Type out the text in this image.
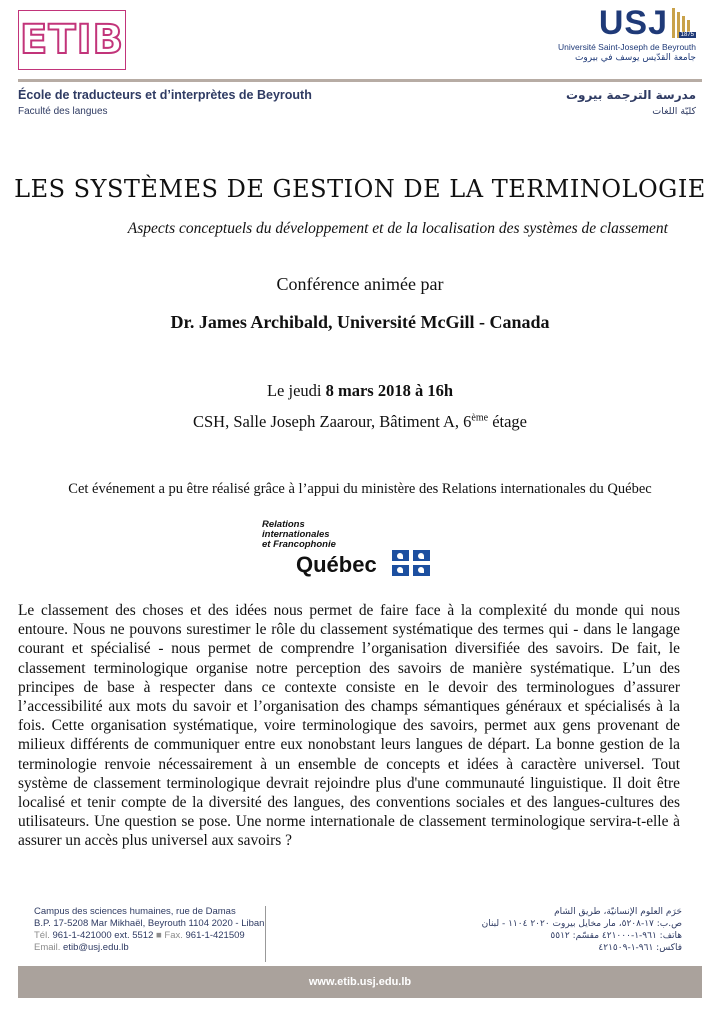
ETIB	USJ	1875
Université Saint-Joseph de Beyrouth
جامعة القدّيس يوسف في بيروت
École de traducteurs et d’interprètes de Beyrouth
Faculté des langues
مدرسة الترجمة بيروت
كليّة اللغات
LES SYSTÈMES DE GESTION DE LA TERMINOLOGIE
Aspects conceptuels du développement et de la localisation des systèmes de classement
Conférence animée par
Dr. James Archibald, Université McGill - Canada
Le jeudi 8 mars 2018 à 16h
CSH, Salle Joseph Zaarour, Bâtiment A, 6ème étage
Cet événement a pu être réalisé grâce à l’appui du ministère des Relations internationales du Québec
Relations
internationales
et Francophonie
Québec
Le classement des choses et des idées nous permet de faire face à la complexité du monde qui nous entoure. Nous ne pouvons surestimer le rôle du classement systématique des termes qui - dans le langage courant et spécialisé - nous permet de comprendre l’organisation diversifiée des savoirs. De fait, le classement terminologique organise notre perception des savoirs de manière systématique. L’un des principes de base à respecter dans ce contexte consiste en le devoir des terminologues d’assurer l’accessibilité aux mots du savoir et l’organisation des champs sémantiques généraux et spécialisés à la fois. Cette organisation systématique, voire terminologique des savoirs, permet aux gens provenant de milieux différents de communiquer entre eux nonobstant leurs langues de départ. La bonne gestion de la terminologie renvoie nécessairement à un ensemble de concepts et idées à caractère universel. Tout système de classement terminologique devrait rejoindre plus d'une communauté linguistique. Il doit être localisé et tenir compte de la diversité des langues, des conventions sociales et des langues-cultures des utilisateurs. Une question se pose. Une norme internationale de classement terminologique servira-t-elle à assurer un accès plus universel aux savoirs ?
Campus des sciences humaines, rue de Damas
B.P. 17-5208 Mar Mikhaël, Beyrouth 1104 2020 - Liban
Tél. 961-1-421000 ext. 5512 ■ Fax. 961-1-421509
Email. etib@usj.edu.lb
حَرَم العلوم الإنسانيّة، طريق الشام
ص.ب: ١٧-٥٢٠٨، مار مخايل بيروت ٢٠٢٠ ١١٠٤ - لبنان
هاتف: ٩٦١-١-٤٢١٠٠٠ مقسّم: ٥٥١٢
فاكس: ٩٦١-١-٤٢١٥٠٩
www.etib.usj.edu.lb
